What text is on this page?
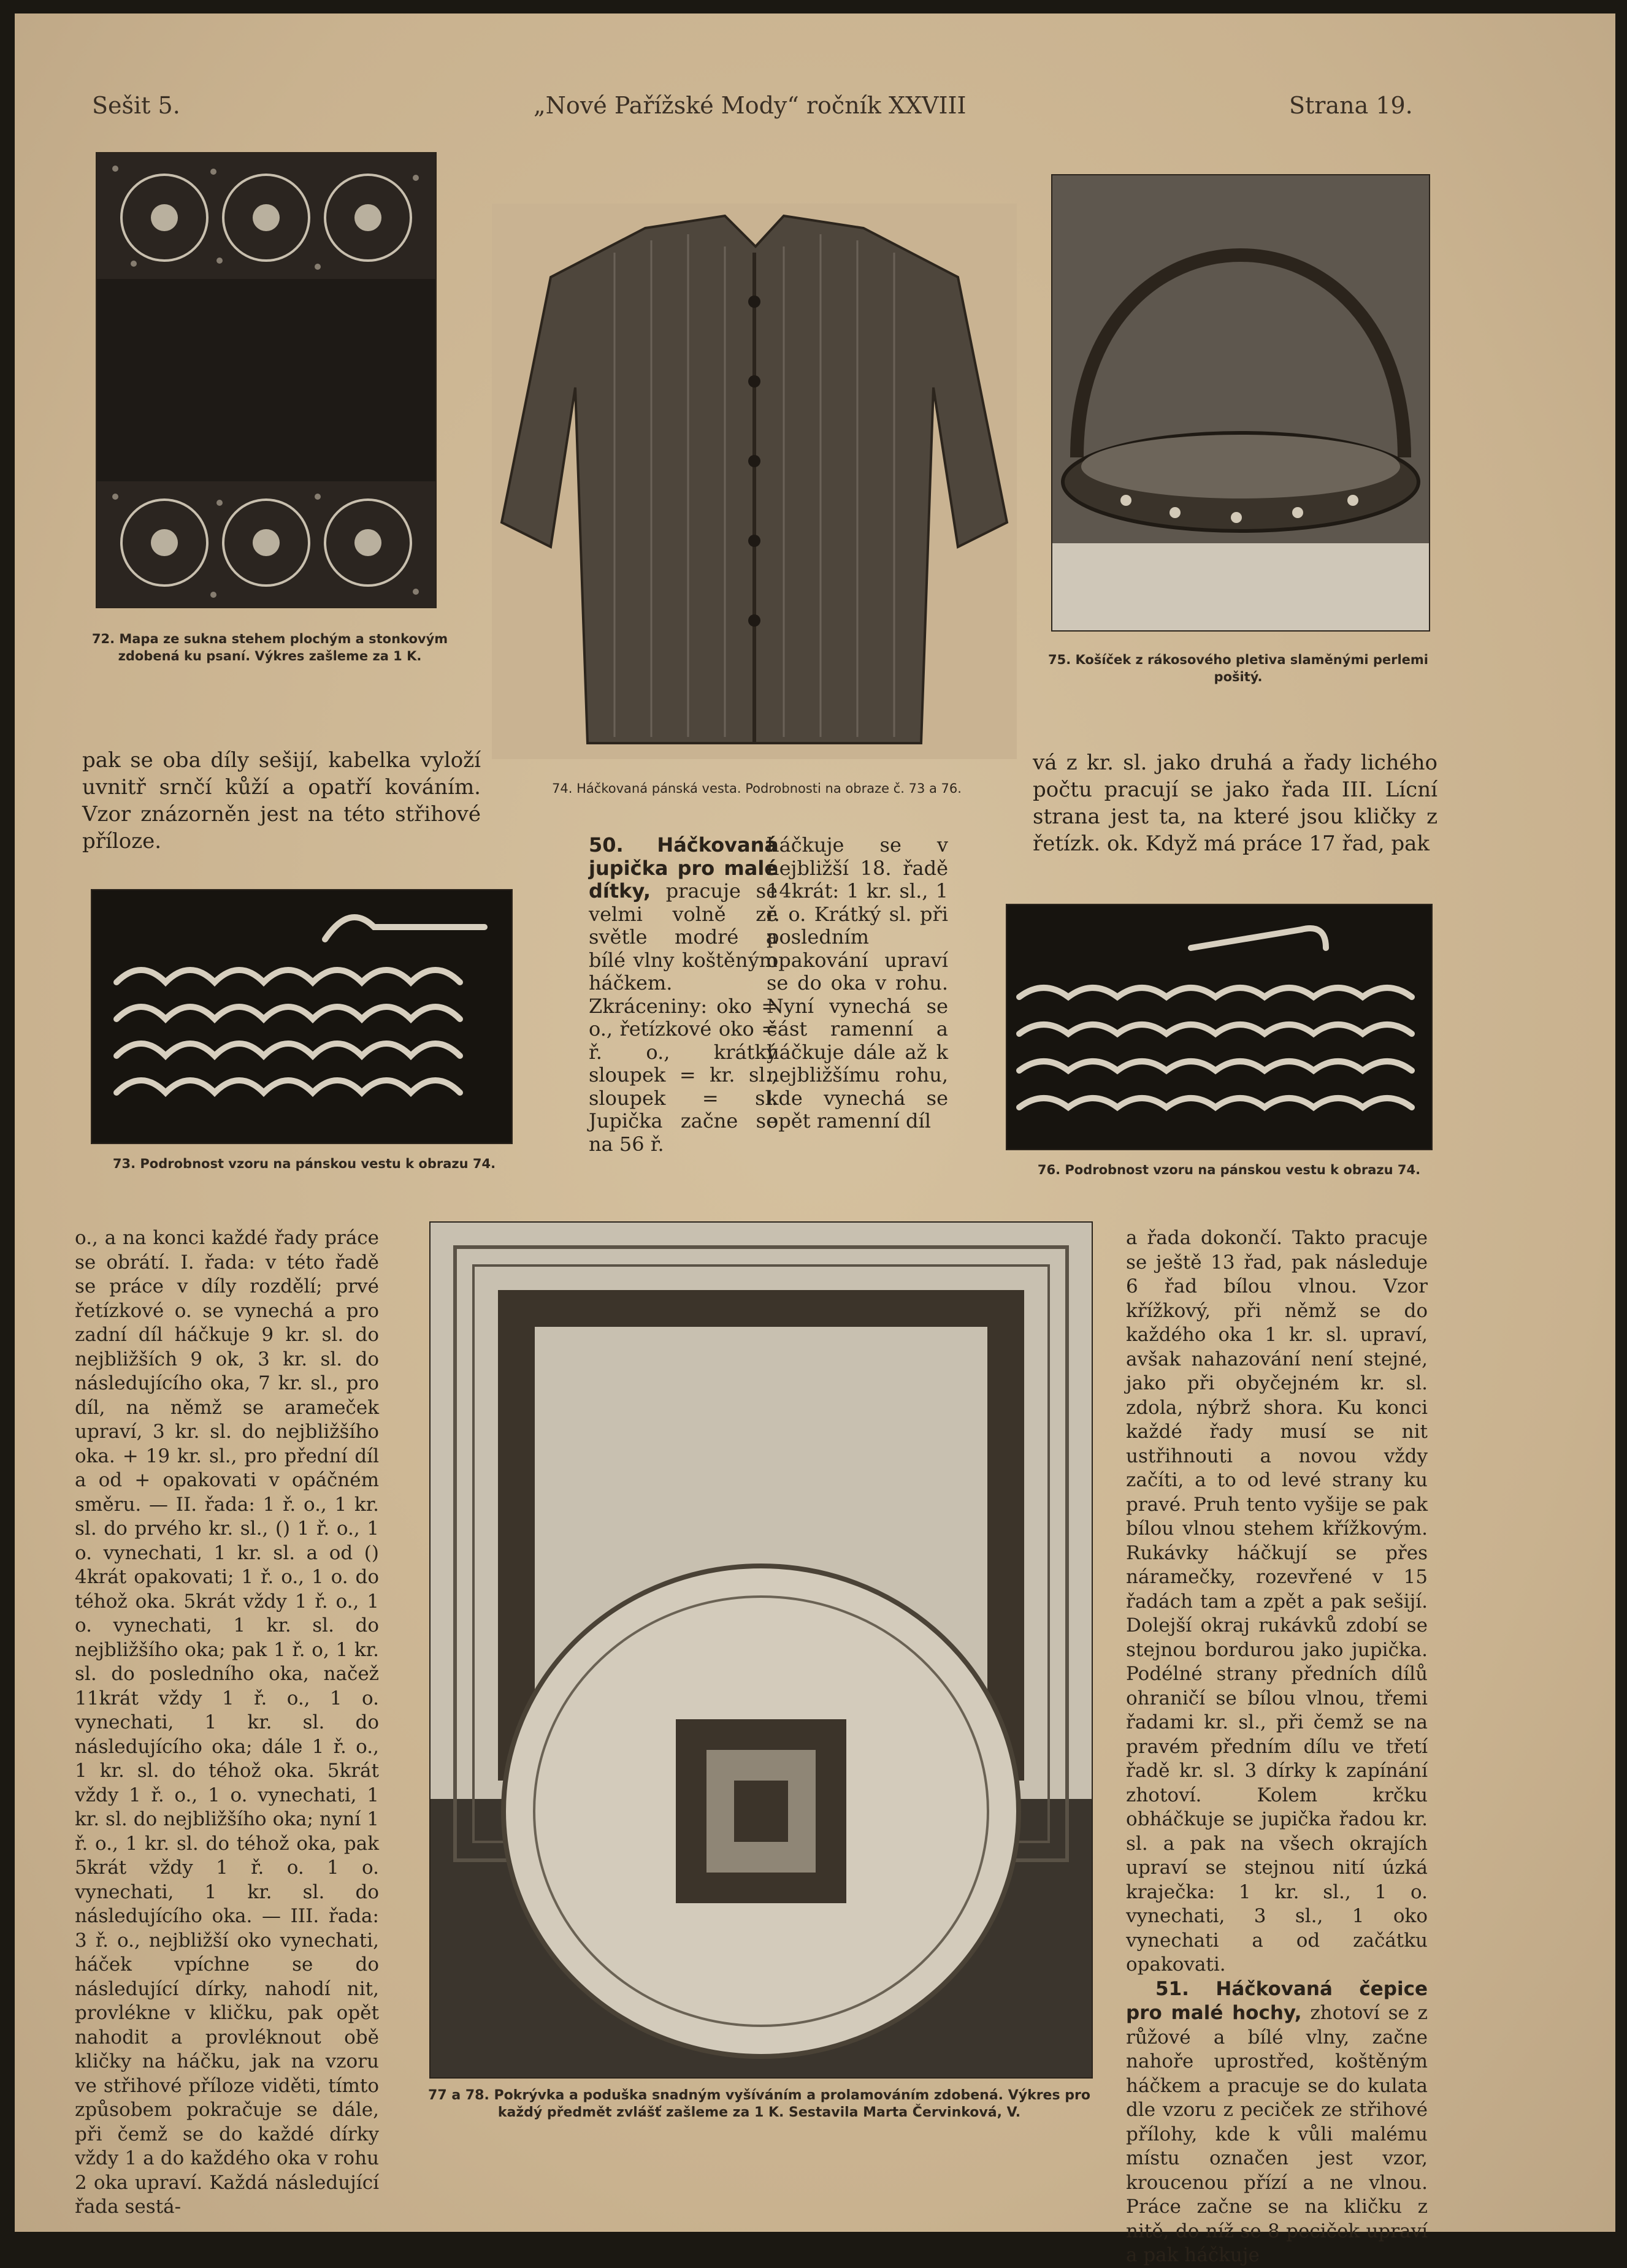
Sešit 5.	„Nové Pařížské Mody“ ročník XXVIII	Strana 19.
72. Mapa ze sukna stehem plochým a stonkovým zdobená ku psaní. Výkres zašleme za 1 K.
74. Háčkovaná pánská vesta. Podrobnosti na obraze č. 73 a 76.
75. Košíček z rákosového pletiva slaměnými perlemi pošitý.

pak se oba díly sešijí, kabelka vyloží uvnitř srnčí kůží a opatří kováním. Vzor znázorněn jest na této střihové příloze.	50. Háčkovaná jupička pro malé dítky, pracuje se velmi volně ze světle modré a bílé vlny koštěným háčkem. Zkráceniny: oko = o., řetízkové oko = ř. o., krátký sloupek = kr. sl., sloupek = sl. Jupička začne se na 56 ř.

háčkuje se v nejbližší 18. řadě 14krát: 1 kr. sl., 1 ř. o. Krátký sl. při posledním opakování upraví se do oka v rohu. Nyní vynechá se část ramenní a háčkuje dále až k nejbližšímu rohu, kde vynechá se opět ramenní díl

vá z kr. sl. jako druhá a řady lichého počtu pracují se jako řada III. Lícní strana jest ta, na které jsou kličky z řetízk. ok. Když má práce 17 řad, pak

73. Podrobnost vzoru na pánskou vestu k obrazu 74.	76. Podrobnost vzoru na pánskou vestu k obrazu 74.

o., a na konci každé řady práce se obrátí. I. řada: v této řadě se práce v díly rozdělí; prvé řetízkové o. se vynechá a pro zadní díl háčkuje 9 kr. sl. do nejbližších 9 ok, 3 kr. sl. do následujícího oka, 7 kr. sl., pro díl, na němž se arameček upraví, 3 kr. sl. do nejbližšího oka. + 19 kr. sl., pro přední díl a od + opakovati v opáčném směru. — II. řada: 1 ř. o., 1 kr. sl. do prvého kr. sl., () 1 ř. o., 1 o. vynechati, 1 kr. sl. a od () 4krát opakovati; 1 ř. o., 1 o. do téhož oka. 5krát vždy 1 ř. o., 1 o. vynechati, 1 kr. sl. do nejbližšího oka; pak 1 ř. o, 1 kr. sl. do posledního oka, načež 11krát vždy 1 ř. o., 1 o. vynechati, 1 kr. sl. do následujícího oka; dále 1 ř. o., 1 kr. sl. do téhož oka. 5krát vždy 1 ř. o., 1 o. vynechati, 1 kr. sl. do nejbližšího oka; nyní 1 ř. o., 1 kr. sl. do téhož oka, pak 5krát vždy 1 ř. o. 1 o. vynechati, 1 kr. sl. do následujícího oka. — III. řada: 3 ř. o., nejbližší oko vynechati, háček vpíchne se do následující dírky, nahodí nit, provlékne v kličku, pak opět nahodit a provléknout obě kličky na háčku, jak na vzoru ve střihové příloze viděti, tímto způsobem pokračuje se dále, při čemž se do každé dírky vždy 1 a do každého oka v rohu 2 oka upraví. Každá následující řada sestá-

77 a 78. Pokrývka a poduška snadným vyšíváním a prolamováním zdobená. Výkres pro každý předmět zvlášť zašleme za 1 K. Sestavila Marta Červinková, V.

a řada dokončí. Takto pracuje se ještě 13 řad, pak následuje 6 řad bílou vlnou. Vzor křížkový, při němž se do každého oka 1 kr. sl. upraví, avšak nahazování není stejné, jako při obyčejném kr. sl. zdola, nýbrž shora. Ku konci každé řady musí se nit ustřihnouti a novou vždy začíti, a to od levé strany ku pravé. Pruh tento vyšije se pak bílou vlnou stehem křížkovým. Rukávky háčkují se přes náramečky, rozevřené v 15 řadách tam a zpět a pak sešijí. Dolejší okraj rukávků zdobí se stejnou bordurou jako jupička. Podélné strany předních dílů ohraničí se bílou vlnou, třemi řadami kr. sl., při čemž se na pravém předním dílu ve třetí řadě kr. sl. 3 dírky k zapínání zhotoví. Kolem krčku obháčkuje se jupička řadou kr. sl. a pak na všech okrajích upraví se stejnou nití úzká kraječka: 1 kr. sl., 1 o. vynechati, 3 sl., 1 oko vynechati a od začátku opakovati.

51. Háčkovaná čepice pro malé hochy, zhotoví se z růžové a bílé vlny, začne nahoře uprostřed, koštěným háčkem a pracuje se do kulata dle vzoru z peciček ze střihové přílohy, kde k vůli malému místu označen jest vzor, kroucenou přízí a ne vlnou. Práce začne se na kličku z nitě, do níž se 8 peciček upraví a pak háčkuje
